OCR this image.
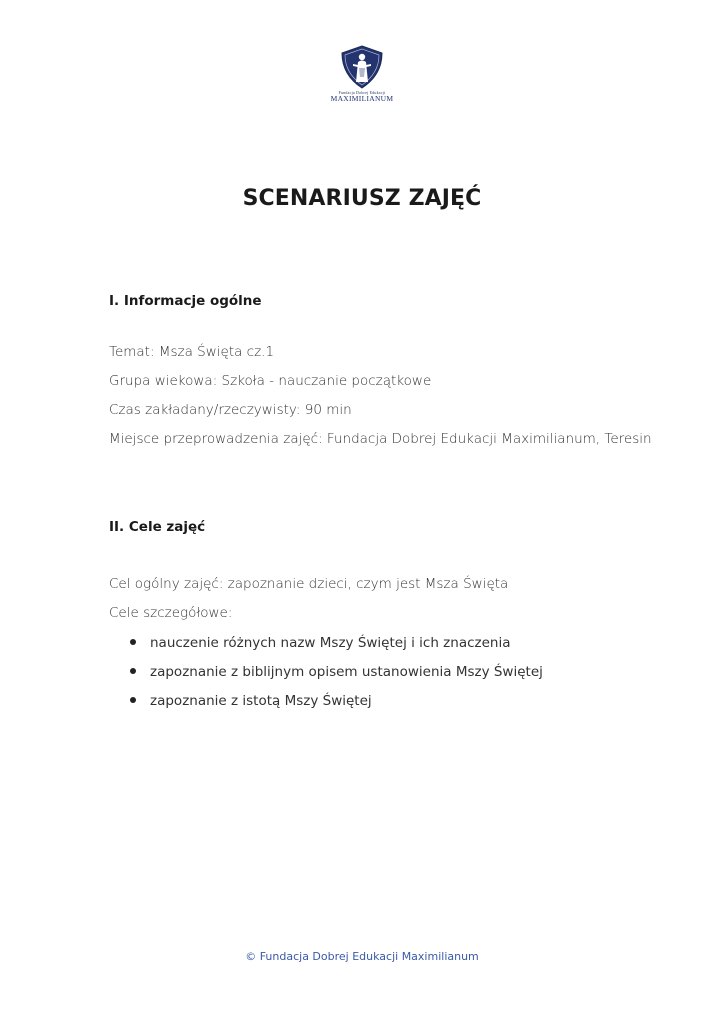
Fundacja Dobrej Edukacji
MAXIMILIANUM
SCENARIUSZ ZAJĘĆ
I. Informacje ogólne
Temat: Msza Święta cz.1
Grupa wiekowa: Szkoła - nauczanie początkowe
Czas zakładany/rzeczywisty: 90 min
Miejsce przeprowadzenia zajęć: Fundacja Dobrej Edukacji Maximilianum, Teresin
II. Cele zajęć
Cel ogólny zajęć: zapoznanie dzieci, czym jest Msza Święta
Cele szczegółowe:
nauczenie różnych nazw Mszy Świętej i ich znaczenia
zapoznanie z biblijnym opisem ustanowienia Mszy Świętej
zapoznanie z istotą Mszy Świętej
© Fundacja Dobrej Edukacji Maximilianum
